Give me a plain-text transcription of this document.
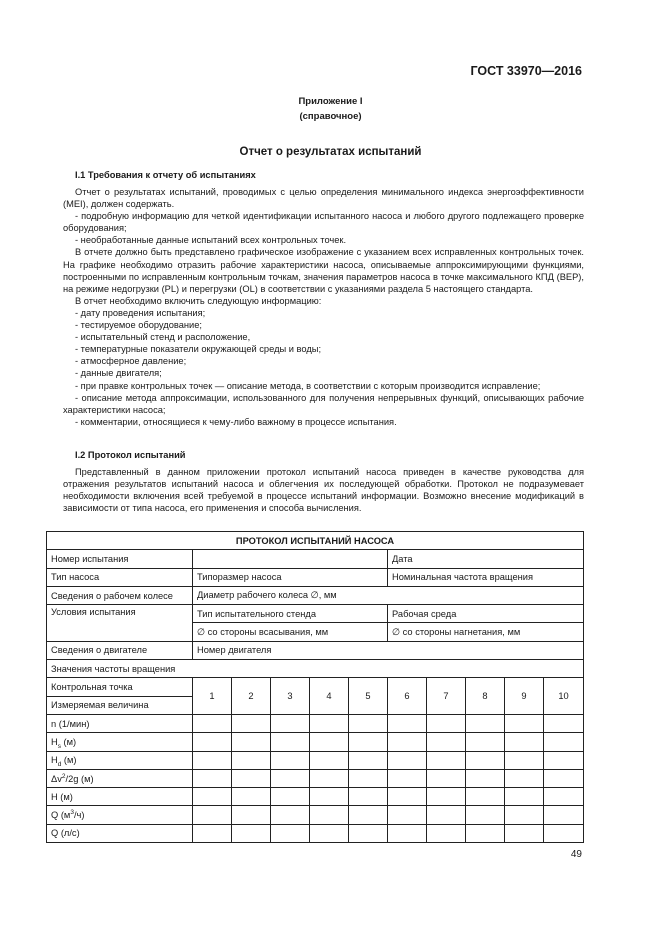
ГОСТ 33970—2016
Приложение I
(справочное)
Отчет о результатах испытаний
I.1 Требования к отчету об испытаниях

Отчет о результатах испытаний, проводимых с целью определения минимального индекса энергоэффективности (MEI), должен содержать.

- подробную информацию для четкой идентификации испытанного насоса и любого другого подлежащего проверке оборудования;

- необработанные данные испытаний всех контрольных точек.

В отчете должно быть представлено графическое изображение с указанием всех исправленных контрольных точек. На графике необходимо отразить рабочие характеристики насоса, описываемые аппроксимирующими функциями, построенными по исправленным контрольным точкам, значения параметров насоса в точке максимального КПД (BEP), на режиме недогрузки (PL) и перегрузки (OL) в соответствии с указаниями раздела 5 настоящего стандарта.

В отчет необходимо включить следующую информацию:

- дату проведения испытания;

- тестируемое оборудование;

- испытательный стенд и расположение,

- температурные показатели окружающей среды и воды;

- атмосферное давление;

- данные двигателя;

- при правке контрольных точек — описание метода, в соответствии с которым производится исправление;

- описание метода аппроксимации, использованного для получения непрерывных функций, описывающих рабочие характеристики насоса;

- комментарии, относящиеся к чему-либо важному в процессе испытания.

I.2 Протокол испытаний

Представленный в данном приложении протокол испытаний насоса приведен в качестве руководства для отражения результатов испытаний насоса и облегчения их последующей обработки. Протокол не подразумевает необходимости включения всей требуемой в процессе испытаний информации. Возможно внесение модификаций в зависимости от типа насоса, его применения и способа вычисления.

ПРОТОКОЛ ИСПЫТАНИЙ НАСОСА										
Номер испытания						Дата				
Тип насоса	Типоразмер насоса					Номинальная частота вращения				
Сведения о рабочем колесе	Диаметр рабочего колеса ∅, мм									
Условия испытания	Тип испытательного стенда					Рабочая среда				
	∅ со стороны всасывания, мм					∅ со стороны нагнетания, мм				
Сведения о двигателе	Номер двигателя									
Значения частоты вращения										
Контрольная точка	1	2	3	4	5	6	7	8	9	10
Измеряемая величина										
n (1/мин)										
$H_s$ (м)										
$H_d$ (м)										
$\Delta v^2/2g$ (м)										
H (м)										
Q $(м^3/ч)$										
Q (л/с)										
49
